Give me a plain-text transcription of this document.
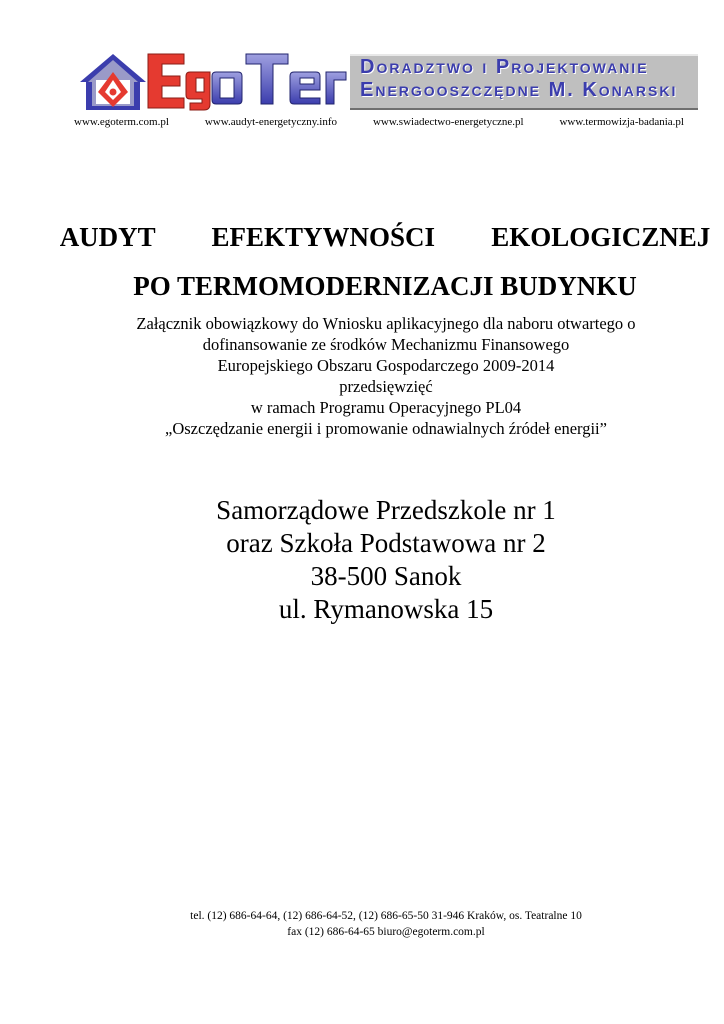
Doradztwo i Projektowanie
Energooszczędne M. Konarski
www.egoterm.com.pl	www.audyt-energetyczny.info	www.swiadectwo-energetyczne.pl	www.termowizja-badania.pl
AUDYT   EFEKTYWNOŚCI   EKOLOGICZNEJ
PO TERMOMODERNIZACJI BUDYNKU
Załącznik obowiązkowy do Wniosku aplikacyjnego dla naboru otwartego o
dofinansowanie ze środków Mechanizmu Finansowego
Europejskiego Obszaru Gospodarczego 2009-2014
przedsięwzięć
w ramach Programu Operacyjnego PL04
„Oszczędzanie energii i promowanie odnawialnych źródeł energii”
Samorządowe Przedszkole nr 1
oraz Szkoła Podstawowa nr 2
38-500 Sanok
ul. Rymanowska 15
tel. (12) 686-64-64, (12) 686-64-52, (12) 686-65-50 31-946 Kraków, os. Teatralne 10
fax (12) 686-64-65 biuro@egoterm.com.pl
